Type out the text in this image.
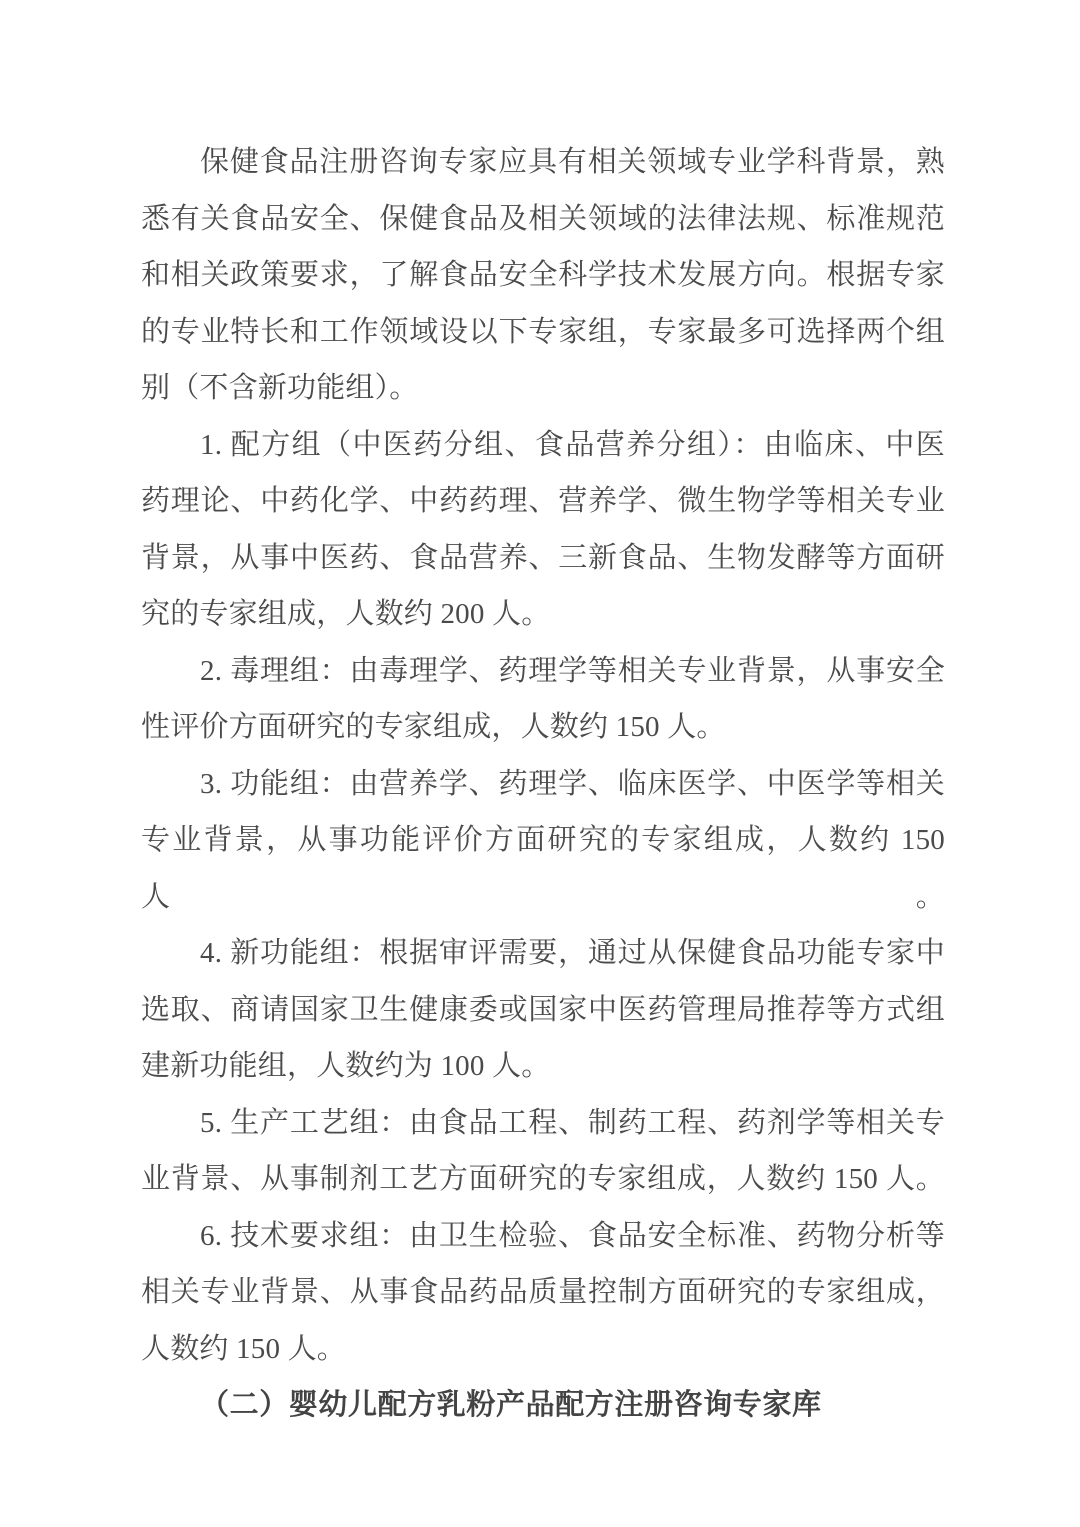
保健食品注册咨询专家应具有相关领域专业学科背景，熟
悉有关食品安全、保健食品及相关领域的法律法规、标准规范
和相关政策要求，了解食品安全科学技术发展方向。根据专家
的专业特长和工作领域设以下专家组，专家最多可选择两个组
别（不含新功能组）。
1. 配方组（中医药分组、食品营养分组）：由临床、中医
药理论、中药化学、中药药理、营养学、微生物学等相关专业
背景，从事中医药、食品营养、三新食品、生物发酵等方面研
究的专家组成，人数约 200 人。
2. 毒理组：由毒理学、药理学等相关专业背景，从事安全
性评价方面研究的专家组成，人数约 150 人。
3. 功能组：由营养学、药理学、临床医学、中医学等相关
专业背景，从事功能评价方面研究的专家组成，人数约 150 人。
4. 新功能组：根据审评需要，通过从保健食品功能专家中
选取、商请国家卫生健康委或国家中医药管理局推荐等方式组
建新功能组，人数约为 100 人。
5. 生产工艺组：由食品工程、制药工程、药剂学等相关专
业背景、从事制剂工艺方面研究的专家组成，人数约 150 人。
6. 技术要求组：由卫生检验、食品安全标准、药物分析等
相关专业背景、从事食品药品质量控制方面研究的专家组成，
人数约 150 人。
（二）婴幼儿配方乳粉产品配方注册咨询专家库
